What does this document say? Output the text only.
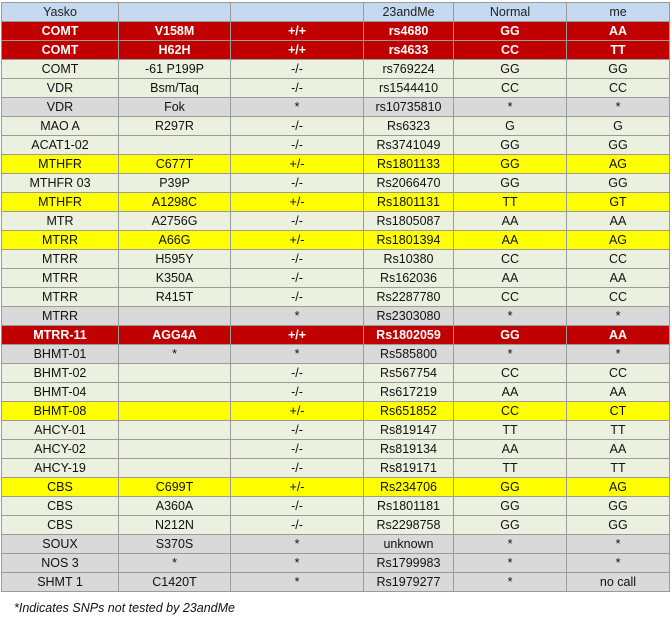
Yasko			23andMe	Normal	me
COMT	V158M	+/+	rs4680	GG	AA
COMT	H62H	+/+	rs4633	CC	TT
COMT	-61 P199P	-/-	rs769224	GG	GG
VDR	Bsm/Taq	-/-	rs1544410	CC	CC
VDR	Fok	*	rs10735810	*	*
MAO A	R297R	-/-	Rs6323	G	G
ACAT1-02		-/-	Rs3741049	GG	GG
MTHFR	C677T	+/-	Rs1801133	GG	AG
MTHFR 03	P39P	-/-	Rs2066470	GG	GG
MTHFR	A1298C	+/-	Rs1801131	TT	GT
MTR	A2756G	-/-	Rs1805087	AA	AA
MTRR	A66G	+/-	Rs1801394	AA	AG
MTRR	H595Y	-/-	Rs10380	CC	CC
MTRR	K350A	-/-	Rs162036	AA	AA
MTRR	R415T	-/-	Rs2287780	CC	CC
MTRR		*	Rs2303080	*	*
MTRR-11	AGG4A	+/+	Rs1802059	GG	AA
BHMT-01	*	*	Rs585800	*	*
BHMT-02		-/-	Rs567754	CC	CC
BHMT-04		-/-	Rs617219	AA	AA
BHMT-08		+/-	Rs651852	CC	CT
AHCY-01		-/-	Rs819147	TT	TT
AHCY-02		-/-	Rs819134	AA	AA
AHCY-19		-/-	Rs819171	TT	TT
CBS	C699T	+/-	Rs234706	GG	AG
CBS	A360A	-/-	Rs1801181	GG	GG
CBS	N212N	-/-	Rs2298758	GG	GG
SOUX	S370S	*	unknown	*	*
NOS 3	*	*	Rs1799983	*	*
SHMT 1	C1420T	*	Rs1979277	*	no call
*Indicates SNPs not tested by 23andMe
